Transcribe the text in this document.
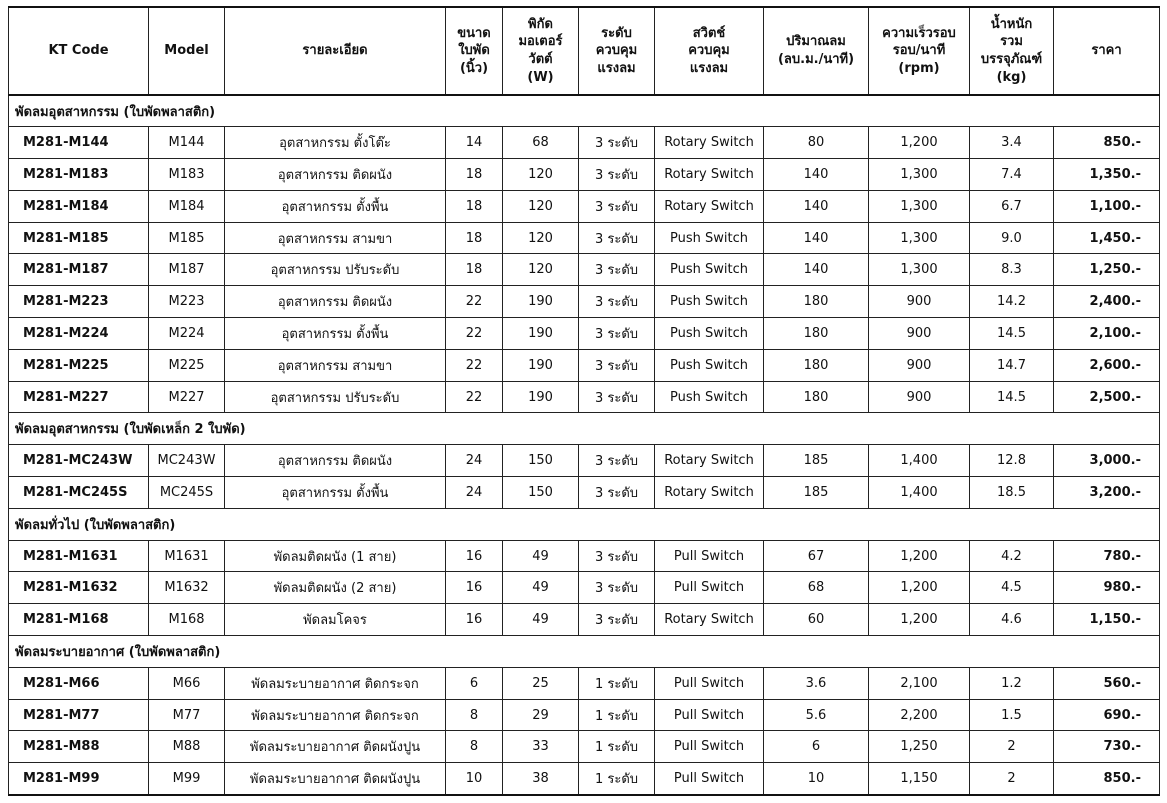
KT Code	Model	รายละเอียด	ขนาด
ใบพัด
(นิ้ว)	พิกัดมอเตอร์
วัตต์
(W)	ระดับ
ควบคุม
แรงลม	สวิตช์
ควบคุม
แรงลม	ปริมาณลม
(ลบ.ม./นาที)	ความเร็วรอบ
รอบ/นาที
(rpm)	น้ำหนัก
รวม
บรรจุภัณฑ์
(kg)	ราคา

พัดลมอุตสาหกรรม (ใบพัดพลาสติก)										
M281-M144	M144	อุตสาหกรรม ตั้งโต๊ะ	14	68	3 ระดับ	Rotary Switch	80	1,200	3.4	850.-
M281-M183	M183	อุตสาหกรรม ติดผนัง	18	120	3 ระดับ	Rotary Switch	140	1,300	7.4	1,350.-
M281-M184	M184	อุตสาหกรรม ตั้งพื้น	18	120	3 ระดับ	Rotary Switch	140	1,300	6.7	1,100.-
M281-M185	M185	อุตสาหกรรม สามขา	18	120	3 ระดับ	Push Switch	140	1,300	9.0	1,450.-
M281-M187	M187	อุตสาหกรรม ปรับระดับ	18	120	3 ระดับ	Push Switch	140	1,300	8.3	1,250.-
M281-M223	M223	อุตสาหกรรม ติดผนัง	22	190	3 ระดับ	Push Switch	180	900	14.2	2,400.-
M281-M224	M224	อุตสาหกรรม ตั้งพื้น	22	190	3 ระดับ	Push Switch	180	900	14.5	2,100.-
M281-M225	M225	อุตสาหกรรม สามขา	22	190	3 ระดับ	Push Switch	180	900	14.7	2,600.-
M281-M227	M227	อุตสาหกรรม ปรับระดับ	22	190	3 ระดับ	Push Switch	180	900	14.5	2,500.-
พัดลมอุตสาหกรรม (ใบพัดเหล็ก 2 ใบพัด)										
M281-MC243W	MC243W	อุตสาหกรรม ติดผนัง	24	150	3 ระดับ	Rotary Switch	185	1,400	12.8	3,000.-
M281-MC245S	MC245S	อุตสาหกรรม ตั้งพื้น	24	150	3 ระดับ	Rotary Switch	185	1,400	18.5	3,200.-
พัดลมทั่วไป (ใบพัดพลาสติก)										
M281-M1631	M1631	พัดลมติดผนัง (1 สาย)	16	49	3 ระดับ	Pull Switch	67	1,200	4.2	780.-
M281-M1632	M1632	พัดลมติดผนัง (2 สาย)	16	49	3 ระดับ	Pull Switch	68	1,200	4.5	980.-
M281-M168	M168	พัดลมโคจร	16	49	3 ระดับ	Rotary Switch	60	1,200	4.6	1,150.-
พัดลมระบายอากาศ (ใบพัดพลาสติก)										
M281-M66	M66	พัดลมระบายอากาศ ติดกระจก	6	25	1 ระดับ	Pull Switch	3.6	2,100	1.2	560.-
M281-M77	M77	พัดลมระบายอากาศ ติดกระจก	8	29	1 ระดับ	Pull Switch	5.6	2,200	1.5	690.-
M281-M88	M88	พัดลมระบายอากาศ ติดผนังปูน	8	33	1 ระดับ	Pull Switch	6	1,250	2	730.-
M281-M99	M99	พัดลมระบายอากาศ ติดผนังปูน	10	38	1 ระดับ	Pull Switch	10	1,150	2	850.-
